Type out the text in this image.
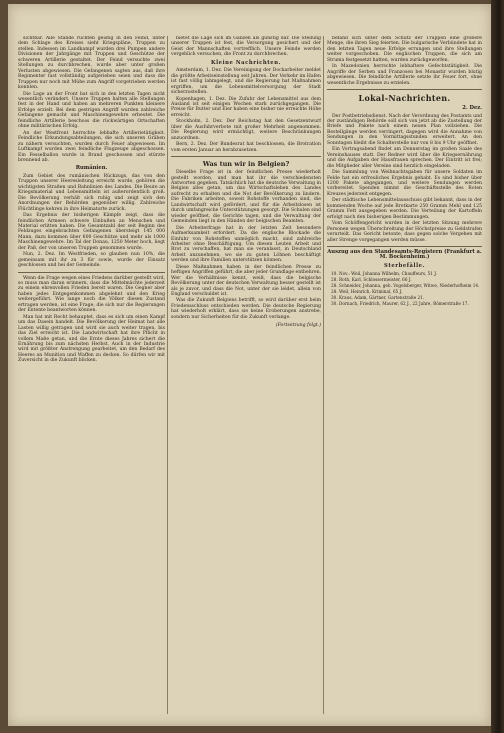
sichtbar. Alle Stände rückten geistig in den Feind, unter dem Schlage des Kreises sieht Kriegspläne, Truppen zu stellen. Indessen im Landkampf wurden drei Pumpen andere Divisionen der Jahrgänge mit Truppen und Geschütze der schweren Artillerie gestaltet. Der Feind versuchte zwei Stellungen zu durchbrechen, wurde aber unter großen Verlusten abgewiesen. Die Gefangenen sagten aus, daß ihre Regimenter fast vollständig aufgerieben seien und dass die Truppen nur noch mit Mühe zum Angriff vorgetrieben werden konnten.

Die Lage an der Front hat sich in den letzten Tagen nicht wesentlich verändert. Unsere Truppen halten alle Stellungen fest in der Hand und haben an mehreren Punkten kleinere Erfolge erzielt. Bei dem gestrigen Angriff wurden zahlreiche Gefangene gemacht und Maschinengewehre erbeutet. Die feindliche Artillerie beschoss die rückwärtigen Ortschaften ohne militärischen Erfolg.

An der Westfront herrschte lebhafte Artillerietätigkeit. Feindliche Erkundungsabteilungen, die sich unseren Gräben zu nähern versuchten, wurden durch Feuer abgewiesen. Im Luftkampf wurden zwei feindliche Flugzeuge abgeschossen. Ein Fesselballon wurde in Brand geschossen und stürzte brennend ab.

Rumänien.

Zum Gebiet des rumänischen Rückzugs, das von den Truppen unserer Heeresleitung erreicht wurde, gehören die wichtigsten Straßen und Bahnlinien des Landes. Die Beute an Kriegsmaterial und Lebensmitteln ist außerordentlich groß. Die Bevölkerung verhält sich ruhig und zeigt sich den Anordnungen der Behörden gegenüber willig. Zahlreiche Flüchtlinge kehren in ihre Heimatorte zurück.

Das Ergebnis der bisherigen Kämpfe zeigt, dass die feindlichen Armeen schwere Einbußen an Menschen und Material erlitten haben. Die Gesamtzahl der seit Beginn des Feldzuges eingebrachten Gefangenen übersteigt 145 000 Mann, dazu kommen über 600 Geschütze und mehr als 1000 Maschinengewehre. Im Tal der Donau, 1250 Meter hoch, liegt der Paß, der von unseren Truppen genommen wurde.

Nun, 2. Dez. Im Westfrieden, so glauben nun 10%, die gemeinsam mit ihr zu 3 für sowie, wurde der Einsatz geschlossen und bei der Gemeinde.

Wenn die Frage wegen eines Friedens darüber gestellt wird, so muss man daran erinnern, dass die Mittelmächte jederzeit zu einem ehrenvollen Frieden bereit waren. Die Gegner aber haben jedes Entgegenkommen abgelehnt und den Krieg weitergeführt. Wie lange noch die Völker diesen Zustand ertragen werden, ist eine Frage, die sich nur die Regierungen der Entente beantworten können.

Man hat mit Recht behauptet, dass es sich um einen Kampf um das Dasein handelt. Die Bevölkerung der Heimat hat alle Lasten willig getragen und wird sie auch weiter tragen, bis das Ziel erreicht ist. Die Landwirtschaft hat ihre Pflicht in vollem Maße getan, und die Ernte dieses Jahres sichert die Ernährung bis zum nächsten Herbst. Auch in der Industrie wird mit größter Anstrengung gearbeitet, um den Bedarf des Heeres an Munition und Waffen zu decken. So dürfen wir mit Zuversicht in die Zukunft blicken.

bietet die Lage sich im Ganzen als günstig dar. Die Stellung unserer Truppen ist fest, die Versorgung gesichert und der Geist der Mannschaften vortrefflich. Unsere Feinde werden vergeblich versuchen, die Front zu durchbrechen.

Kleine Nachrichten.

Amsterdam, 1. Dez. Die Vereinigung der Dockarbeiter meldet die größte Arbeitseinstellung seit Jahren. Der Verkehr im Hafen ist fast völlig lahmgelegt, und die Regierung hat Maßnahmen ergriffen, um die Lebensmittelversorgung der Stadt sicherzustellen.

Kopenhagen, 1. Dez. Die Zufuhr der Lebensmittel aus dem Ausland ist seit einigen Wochen stark zurückgegangen. Die Preise für Butter und Eier haben eine bisher nie erreichte Höhe erreicht.

Stockholm, 2. Dez. Der Reichstag hat den Gesetzentwurf über die Ausfuhrverbote mit großer Mehrheit angenommen. Die Regierung wird ermächtigt, weitere Beschränkungen anzuordnen.

Bern, 2. Dez. Der Bundesrat hat beschlossen, die Brotration vom ersten Januar an herabzusetzen.

Was tun wir in Belgien?

Dieselbe Frage ist in der feindlichen Presse wiederholt gestellt worden, und man hat ihr die verschiedensten Antworten gegeben. Tatsächlich hat die deutsche Verwaltung in Belgien alles getan, um das Wirtschaftsleben des Landes aufrecht zu erhalten und die Not der Bevölkerung zu lindern. Die Fabriken arbeiten, soweit Rohstoffe vorhanden sind, die Landwirtschaft wird gefördert, und für die Arbeitslosen ist durch umfangreiche Unterstützungen gesorgt. Die Schulen sind wieder geöffnet, die Gerichte tagen, und die Verwaltung der Gemeinden liegt in den Händen der belgischen Beamten.

Die Arbeiterfrage hat in der letzten Zeit besondere Aufmerksamkeit erfordert. Da die englische Blockade die Einfuhr von Rohstoffen unmöglich macht, sind zahlreiche Arbeiter ohne Beschäftigung. Um diesen Leuten Arbeit und Brot zu verschaffen, hat man sie veranlasst, in Deutschland Arbeit anzunehmen, wo sie zu guten Löhnen beschäftigt werden und ihre Familien unterstützen können.

Diese Maßnahmen haben in der feindlichen Presse zu heftigen Angriffen geführt, die aber jeder Grundlage entbehren. Wer die Verhältnisse kennt, weiß, dass die belgische Bevölkerung unter der deutschen Verwaltung besser gestellt ist als je zuvor, und dass die Not, unter der sie leidet, allein von England verschuldet ist.

Was die Zukunft Belgiens betrifft, so wird darüber erst beim Friedensschluss entschieden werden. Die deutsche Regierung hat wiederholt erklärt, dass sie keine Eroberungen anstrebe, sondern nur Sicherheiten für die Zukunft verlange.

(Fortsetzung folgt.)

befand sich unter dem Schutz der Truppen eine größere Menge, die ihren Sieg feierten. Die bulgarische Verbündete hat in den letzten Tagen neue Erfolge errungen und ihre Stellungen weiter vorgeschoben. Die englischen Truppen, die sich am Struma festgesetzt hatten, wurden zurückgeworfen.

In Mazedonien herrschte lebhaftere Gefechtstätigkeit. Die Angriffe der Serben und Franzosen bei Monastir wurden blutig abgewiesen. Die feindliche Artillerie setzte ihr Feuer fort, ohne wesentliche Ergebnisse zu erzielen.

Lokal-Nachrichten.

2. Dez.

Der Postbetriebsdienst. Nach der Verordnung des Postamts und der zuständigen Behörde soll sich von jetzt ab die Zustellung der Briefe und Pakete nach einem neuen Plan vollziehen. Die Bestellgänge werden verringert, dagegen wird die Annahme von Sendungen in den Vormittagsstunden erweitert. An den Sonntagen bleibt die Schalterstelle nur von 8 bis 9 Uhr geöffnet.

Ein Vortragsabend findet am Donnerstag im großen Saale des Vereinshauses statt. Der Redner wird über die Kriegsernährung und die Aufgaben der Hausfrauen sprechen. Der Eintritt ist frei; die Mitglieder aller Vereine sind herzlich eingeladen.

Die Sammlung von Weihnachtsgaben für unsere Soldaten im Felde hat ein erfreuliches Ergebnis gehabt. Es sind bisher über 1200 Pakete abgegangen, und weitere Sendungen werden vorbereitet. Spenden nimmt die Geschäftsstelle des Roten Kreuzes jederzeit entgegen.

Der städtische Lebensmittelausschuss gibt bekannt, dass in der kommenden Woche auf jede Brotkarte 250 Gramm Mehl und 125 Gramm Fett ausgegeben werden. Die Verteilung der Kartoffeln erfolgt nach den bisherigen Bestimmungen.

Vom Schöffengericht wurden in der letzten Sitzung mehrere Personen wegen Überschreitung der Höchstpreise zu Geldstrafen verurteilt. Das Gericht betonte, dass gegen solche Vergehen mit aller Strenge vorgegangen werden müsse.

Auszug aus den Standesamts-Registern (Frankfurt a. M. Bockenheim.)

Sterbefälle.

10. Nov.: Weil, Johanna Wilhelm, Chauffeurs, 51 J.

28. Roth, Karl, Schlossermeister, 66 J.

28. Schneider, Johanna, geb. Vogelsberger, Witwe, Niederhofheim 14.

28. Weil, Heinrich, Kriminal, 65 J.

30. Kraus, Adam, Gärtner, Gartenstraße 21.

30. Dornach, Friedrich, Maurer, 62 J., 22 Jahre, Römerstraße 17.
